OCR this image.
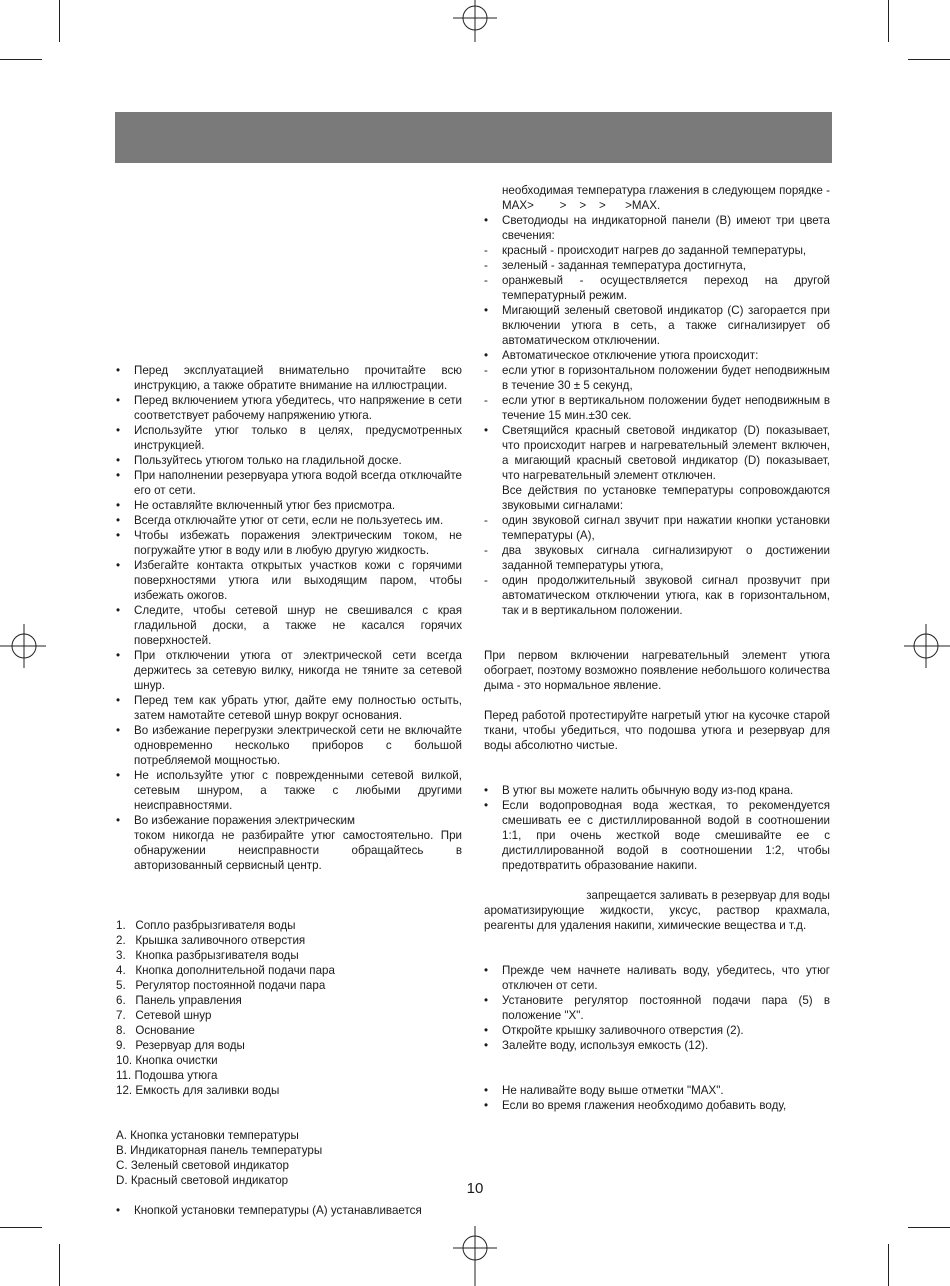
•	Перед эксплуатацией внимательно прочитайте всю инструкцию, а также обратите внимание на иллюстрации.
•	Перед включением утюга убедитесь, что напряжение в сети соответствует рабочему напряжению утюга.
•	Используйте утюг только в целях, предусмотренных инструкцией.
•	Пользуйтесь утюгом только на гладильной доске.
•	При наполнении резервуара утюга водой всегда отключайте его от сети.
•	Не оставляйте включенный утюг без присмотра.
•	Всегда отключайте утюг от сети, если не пользуетесь им.
•	Чтобы избежать поражения электрическим током, не погружайте утюг в воду или в любую другую жидкость.
•	Избегайте контакта открытых участков кожи с горячими поверхностями утюга или выходящим паром, чтобы избежать ожогов.
•	Следите, чтобы сетевой шнур не свешивался с края гладильной доски, а также не касался горячих поверхностей.
•	При отключении утюга от электрической сети всегда держитесь за сетевую вилку, никогда не тяните за сетевой шнур.
•	Перед тем как убрать утюг, дайте ему полностью остыть, затем намотайте сетевой шнур вокруг основания.
•	Во избежание перегрузки электрической сети не включайте одновременно несколько приборов с большой потребляемой мощностью.
•	Не используйте утюг с поврежденными сетевой вилкой, сетевым шнуром, а также с любыми другими неисправностями.
•	Во избежание поражения электрическим
током никогда не разбирайте утюг самостоятельно. При обнаружении неисправности обращайтесь в авторизованный сервисный центр.
1.   Сопло разбрызгивателя воды
2.   Крышка заливочного отверстия
3.   Кнопка разбрызгивателя воды
4.   Кнопка дополнительной подачи пара
5.   Регулятор постоянной подачи пара
6.   Панель управления
7.   Сетевой шнур
8.   Основание
9.   Резервуар для воды
10. Кнопка очистки
11. Подошва утюга
12. Емкость для заливки воды
A. Кнопка установки температуры
B. Индикаторная панель температуры
C. Зеленый световой индикатор
D. Красный световой индикатор
•	Кнопкой установки температуры (A) устанавливается
необходимая температура глажения в следующем порядке - MAX>        >    >    >      >MAX.
•	Светодиоды на индикаторной панели (B) имеют три цвета свечения:
-	красный - происходит нагрев до заданной температуры,
-	зеленый - заданная температура достигнута,
-	оранжевый - осуществляется переход на другой температурный режим.
•	Мигающий зеленый световой индикатор (C) загорается при включении утюга в сеть, а также сигнализирует об автоматическом отключении.
•	Автоматическое отключение утюга происходит:
-	если утюг в горизонтальном положении будет неподвижным в течение 30 ± 5 секунд,
-	если утюг в вертикальном положении будет неподвижным в течение 15 мин.±30 сек.
•	Светящийся красный световой индикатор (D) показывает, что происходит нагрев и нагревательный элемент включен, а мигающий красный световой индикатор (D) показывает, что нагревательный элемент отключен.
Все действия по установке температуры сопровождаются звуковыми сигналами:
-	один звуковой сигнал звучит при нажатии кнопки установки температуры (A),
-	два звуковых сигнала сигнализируют о достижении заданной температуры утюга,
-	один продолжительный звуковой сигнал прозвучит при автоматическом отключении утюга, как в горизонтальном, так и в вертикальном положении.
При первом включении нагревательный элемент утюга обограет, поэтому возможно появление небольшого количества дыма - это нормальное явление.
Перед работой протестируйте нагретый утюг на кусочке старой ткани, чтобы убедиться, что подошва утюга и резервуар для воды абсолютно чистые.
•	В утюг вы можете налить обычную воду из-под крана.
•	Если водопроводная вода жесткая, то рекомендуется смешивать ее с дистиллированной водой в соотношении 1:1, при очень жесткой воде смешивайте ее с дистиллированной водой в соотношении 1:2, чтобы предотвратить образование накипи.
запрещается заливать в резервуар для воды ароматизирующие жидкости, уксус, раствор крахмала, реагенты для удаления накипи, химические вещества и т.д.
•	Прежде чем начнете наливать воду, убедитесь, что утюг отключен от сети.
•	Установите регулятор постоянной подачи пара (5) в положение "X".
•	Откройте крышку заливочного отверстия (2).
•	Залейте воду, используя емкость (12).
•	Не наливайте воду выше отметки "MAX".
•	Если во время глажения необходимо добавить воду,
10
